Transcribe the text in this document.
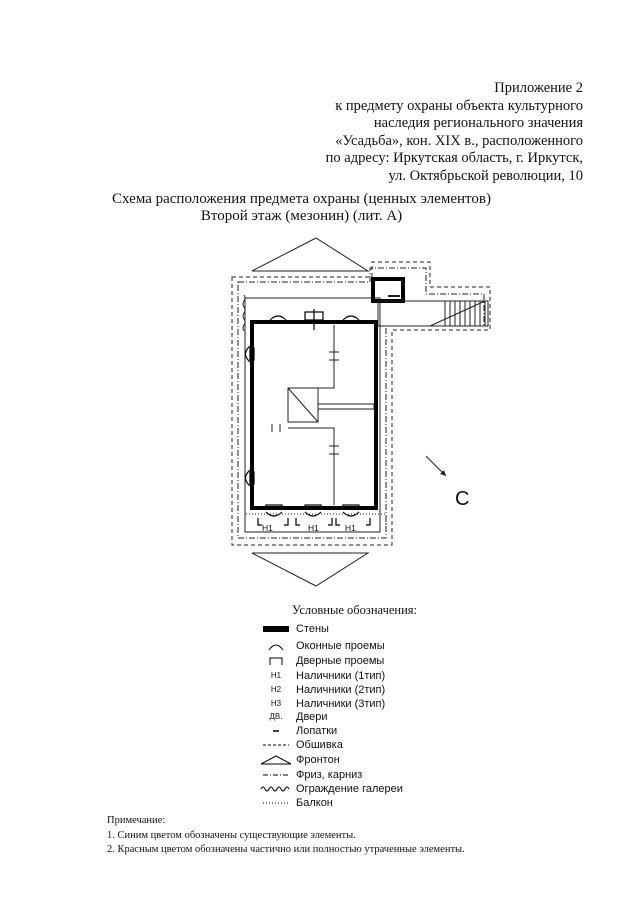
Приложение 2
к предмету охраны объекта культурного
наследия регионального значения
«Усадьба», кон. XIX в., расположенного
по адресу: Иркутская область, г. Иркутск,
ул. Октябрьской революции, 10
Схема расположения предмета охраны (ценных элементов)
Второй этаж (мезонин) (лит. А)
С
Н1	Н1	Н1
Условные обозначения:
Стены
Оконные проемы
Дверные проемы
Н1	Наличники (1тип)
Н2	Наличники (2тип)
Н3	Наличники (3тип)
ДВ.	Двери
Лопатки
Обшивка
Фронтон
Фриз, карниз
Ограждение галереи
Балкон
Примечание:
1. Синим цветом обозначены существующие элементы.
2. Красным цветом обозначены частично или полностью утраченные элементы.
